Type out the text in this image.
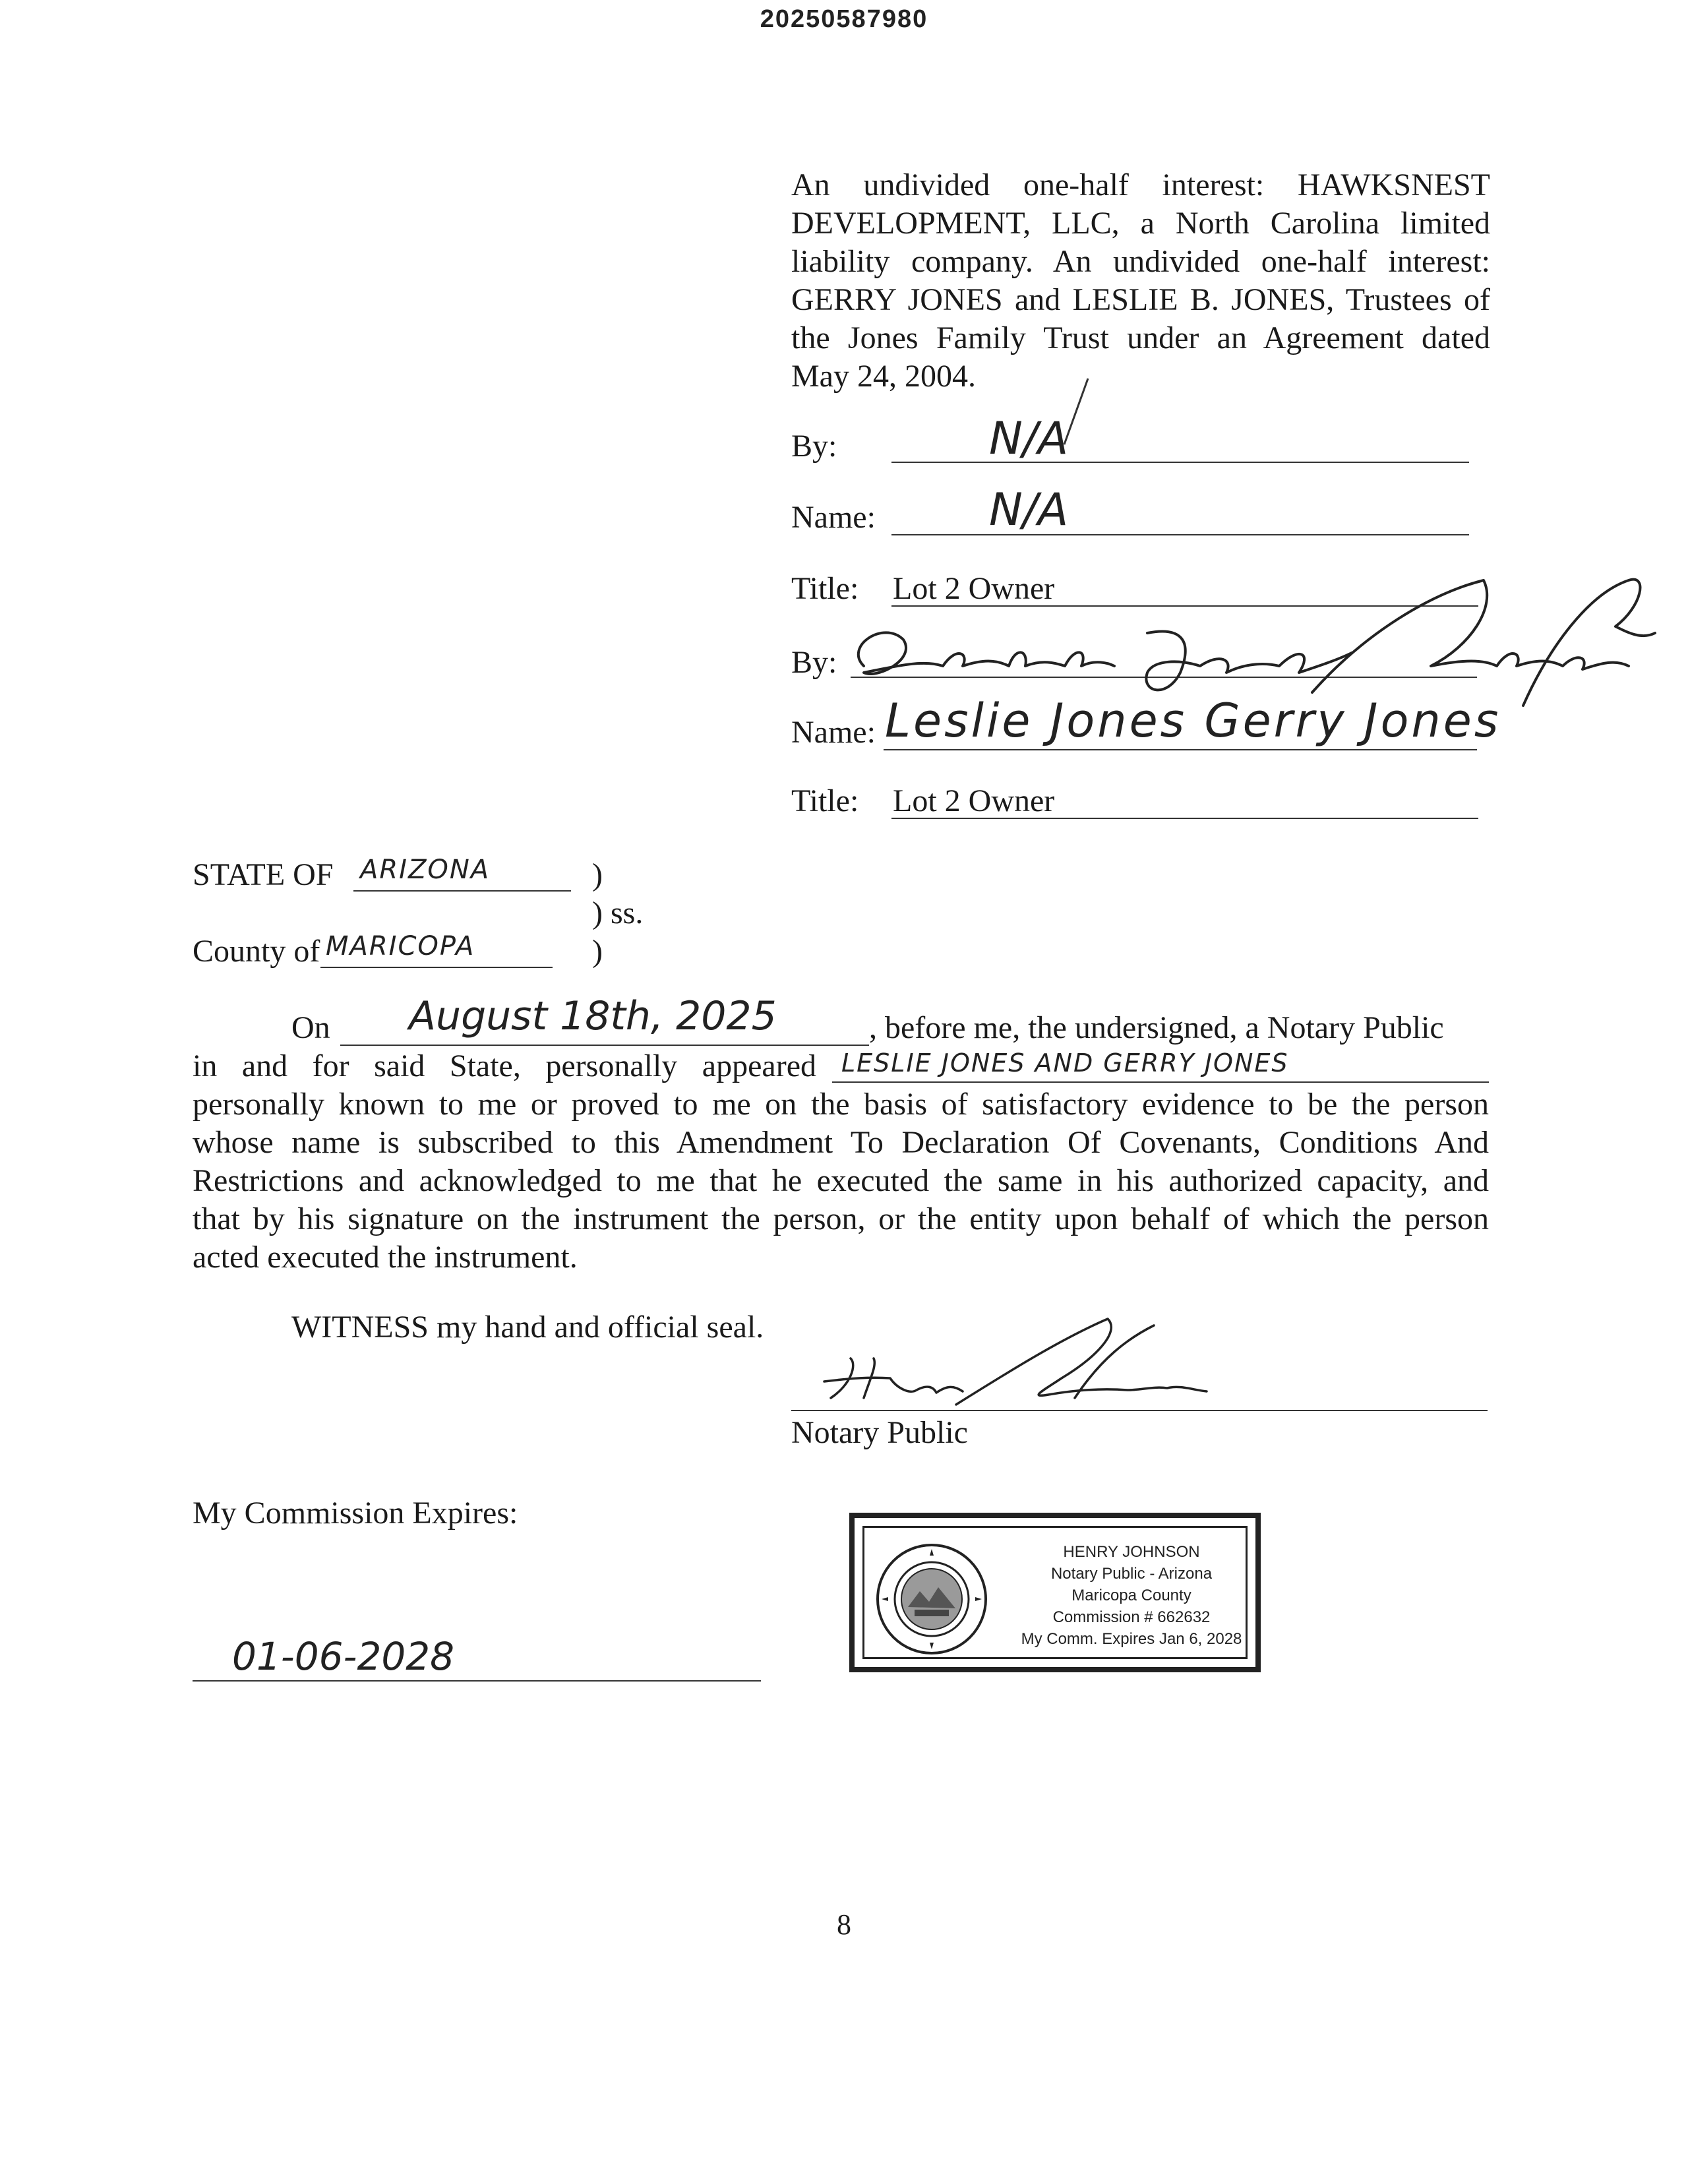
20250587980
An undivided one-half interest: HAWKSNEST
DEVELOPMENT, LLC, a North Carolina limited
liability company. An undivided one-half interest:
GERRY JONES and LESLIE B. JONES, Trustees of
the Jones Family Trust under an Agreement dated
May 24, 2004.
By:	N/A
Name:	N/A
Title: Lot 2 Owner
By:
Name: Leslie Jones Gerry Jones
Title: Lot 2 Owner
STATE OF ARIZONA	)
) ss.
County of MARICOPA	)
On August 18th, 2025	, before me, the undersigned, a Notary Public
in and for said State, personally appeared LESLIE JONES AND GERRY JONES
personally known to me or proved to me on the basis of satisfactory evidence to be the person
whose name is subscribed to this Amendment To Declaration Of Covenants, Conditions And
Restrictions and acknowledged to me that he executed the same in his authorized capacity, and
that by his signature on the instrument the person, or the entity upon behalf of which the person
acted executed the instrument.
WITNESS my hand and official seal.
Notary Public
My Commission Expires:
01-06-2028
HENRY JOHNSON
Notary Public - Arizona
Maricopa County
Commission # 662632
My Comm. Expires Jan 6, 2028
8
